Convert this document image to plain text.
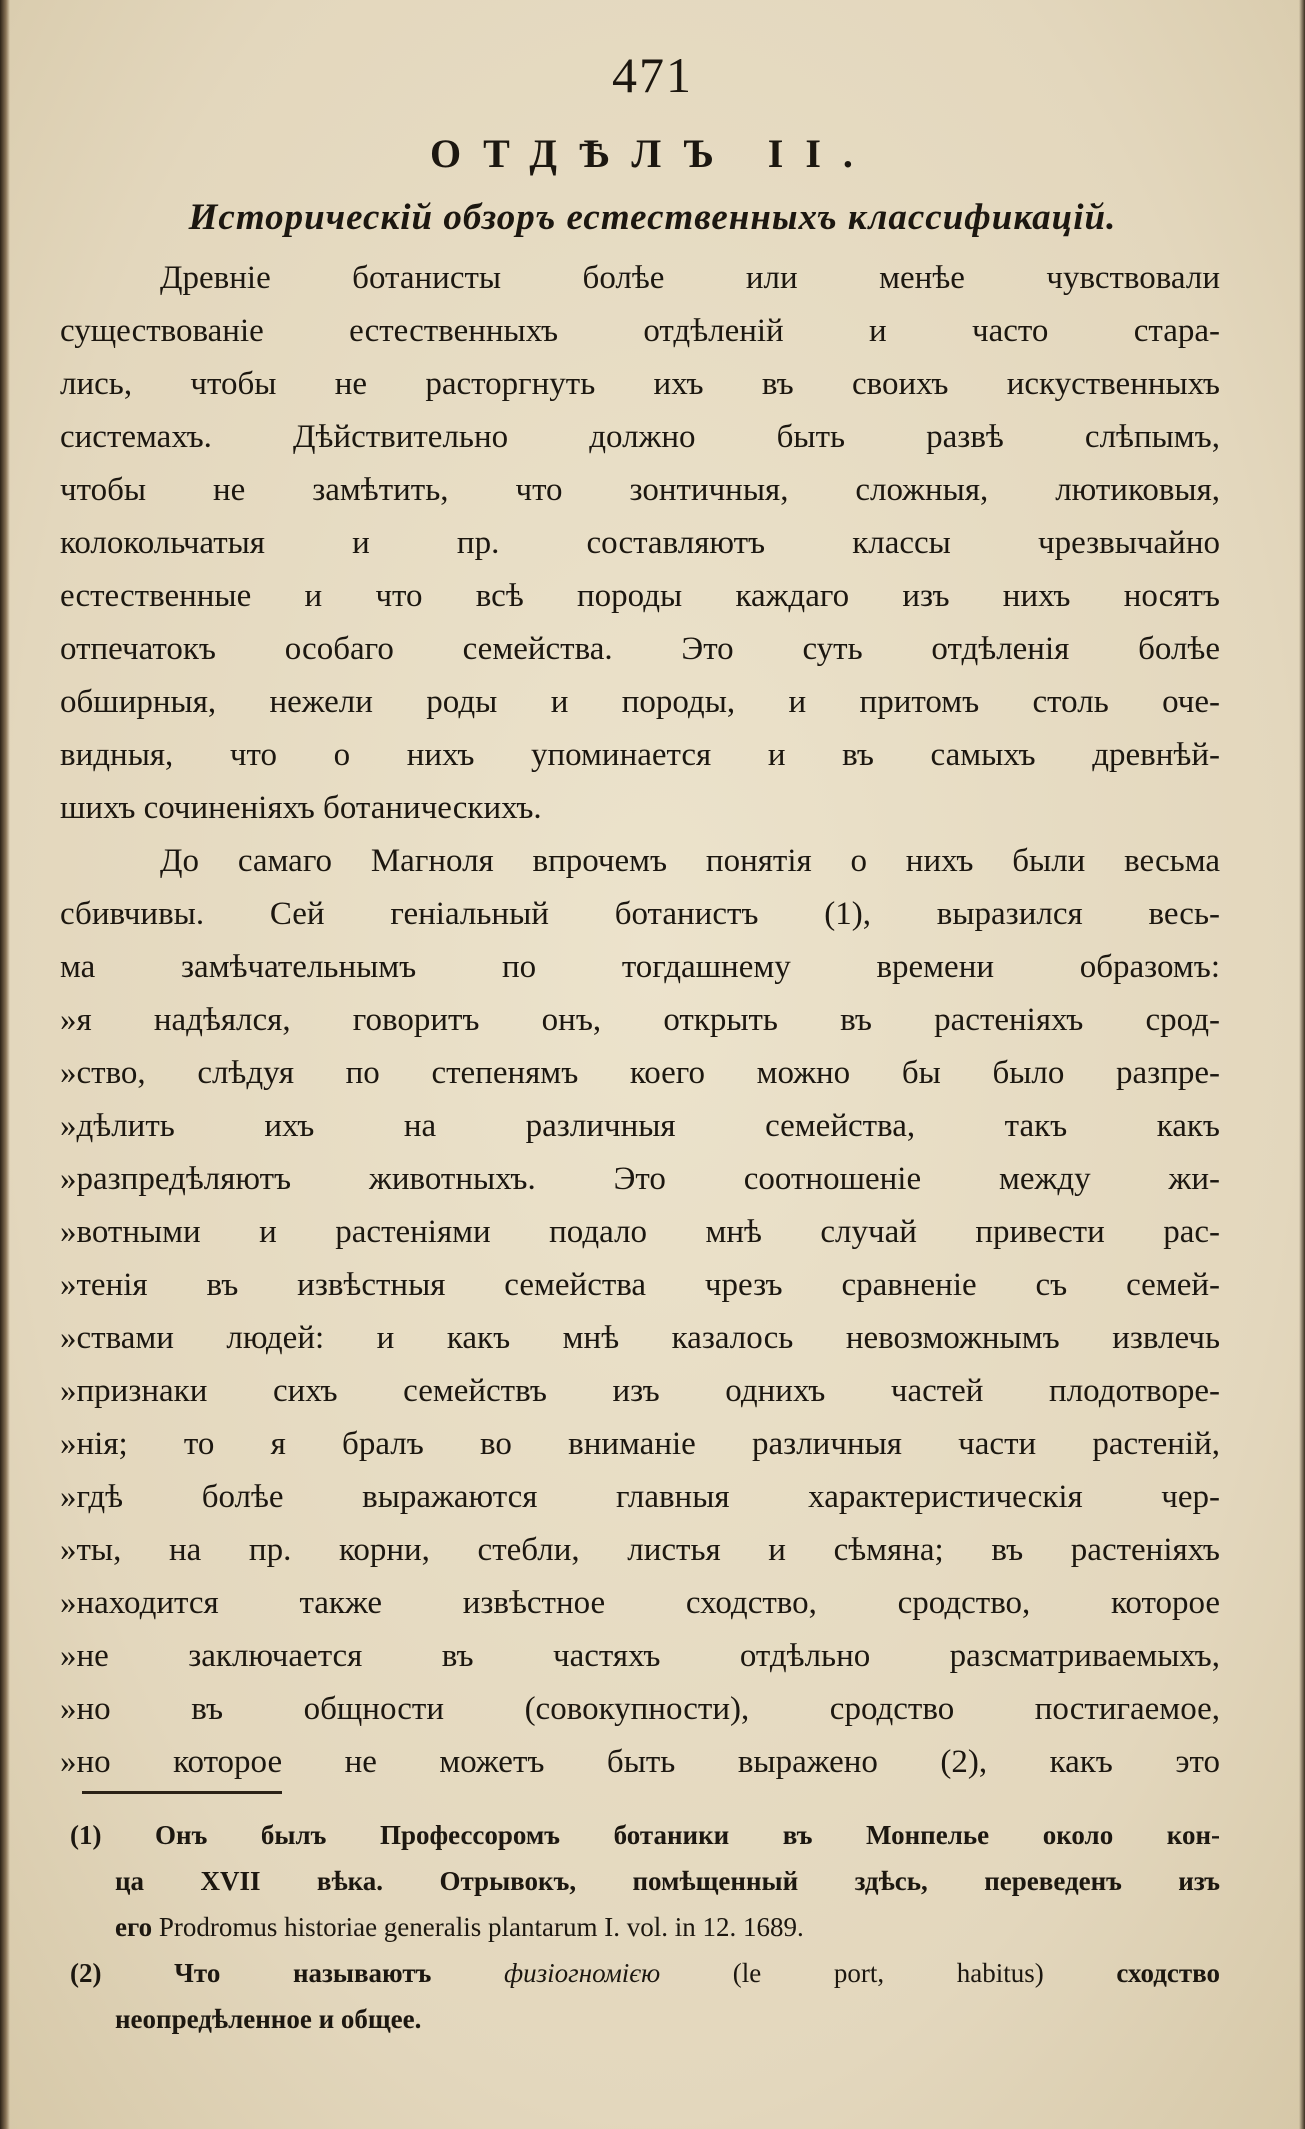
471
ОТДѢЛЪ II.
Историческій обзоръ естественныхъ классификацій.
Древніе ботанисты болѣе или менѣе чувствовали
существованіе естественныхъ отдѣленій и часто стара-
лись, чтобы не расторгнуть ихъ въ своихъ искуственныхъ
системахъ. Дѣйствительно должно быть развѣ слѣпымъ,
чтобы не замѣтить, что зонтичныя, сложныя, лютиковыя,
колокольчатыя и пр. составляютъ классы чрезвычайно
естественные и что всѣ породы каждаго изъ нихъ носятъ
отпечатокъ особаго семейства. Это суть отдѣленія болѣе
обширныя, нежели роды и породы, и притомъ столь оче-
видныя, что о нихъ упоминается и въ самыхъ древнѣй-
шихъ сочиненіяхъ ботаническихъ.
До самаго Магноля впрочемъ понятія о нихъ были весьма
сбивчивы. Сей геніальный ботанистъ (1), выразился весь-
ма замѣчательнымъ по тогдашнему времени образомъ:
»я надѣялся, говоритъ онъ, открыть въ растеніяхъ срод-
»ство, слѣдуя по степенямъ коего можно бы было разпре-
»дѣлить ихъ на различныя семейства, такъ какъ
»разпредѣляютъ животныхъ. Это соотношеніе между жи-
»вотными и растеніями подало мнѣ случай привести рас-
»тенія въ извѣстныя семейства чрезъ сравненіе съ семей-
»ствами людей: и какъ мнѣ казалось невозможнымъ извлечь
»признаки сихъ семействъ изъ однихъ частей плодотворе-
»нія; то я бралъ во вниманіе различныя части растеній,
»гдѣ болѣе выражаются главныя характеристическія чер-
»ты, на пр. корни, стебли, листья и сѣмяна; въ растеніяхъ
»находится также извѣстное сходство, сродство, которое
»не заключается въ частяхъ отдѣльно разсматриваемыхъ,
»но въ общности (совокупности), сродство постигаемое,
»но которое не можетъ быть выражено (2), какъ это
(1) Онъ былъ Профессоромъ ботаники въ Монпелье около кон-
ца XVII вѣка. Отрывокъ, помѣщенный здѣсь, переведенъ изъ
его Prodromus historiae generalis plantarum I. vol. in 12. 1689.
(2) Что называютъ	физіогномією	(le port, habitus)	сходство
неопредѣленное и общее.
